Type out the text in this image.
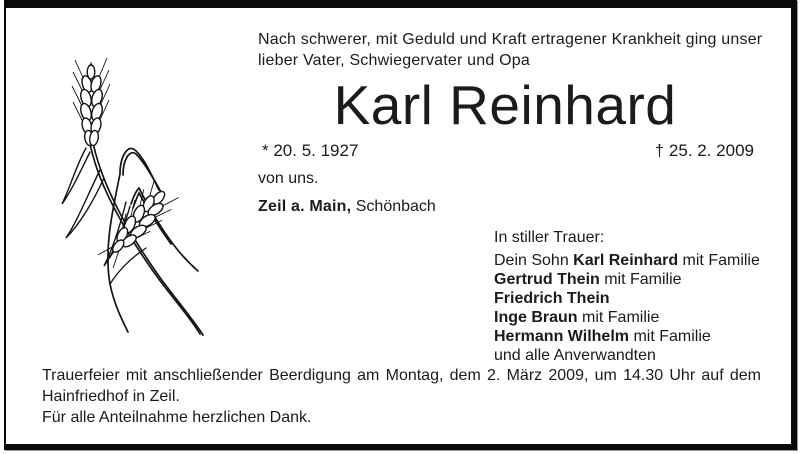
Nach schwerer, mit Geduld und Kraft ertragener Krankheit ging unser
lieber Vater, Schwiegervater und Opa
Karl Reinhard
* 20. 5. 1927	† 25. 2. 2009
von uns.
Zeil a. Main, Schönbach
In stiller Trauer:
Dein Sohn Karl Reinhard mit Familie
Gertrud Thein mit Familie
Friedrich Thein
Inge Braun mit Familie
Hermann Wilhelm mit Familie
und alle Anverwandten
Trauerfeier mit anschließender Beerdigung am Montag, dem 2. März 2009, um 14.30 Uhr auf dem Hainfriedhof in Zeil.
Für alle Anteilnahme herzlichen Dank.
